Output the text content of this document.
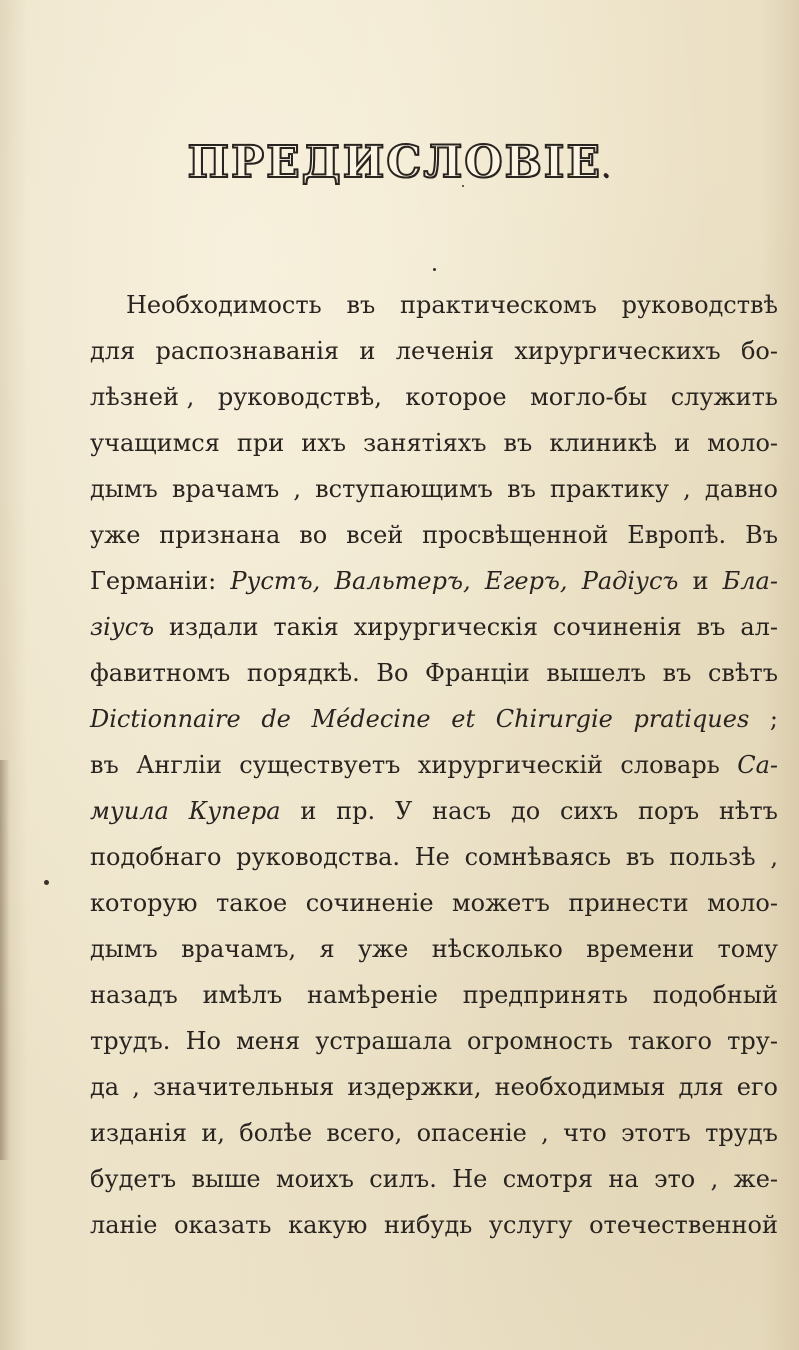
ПРЕДИСЛОВІЕ.
Необходимость въ практическомъ руководствѣ
для распознаванія и леченія хирургическихъ бо-
лѣзней , руководствѣ, которое могло-бы служить
учащимся при ихъ занятіяхъ въ клиникѣ и моло-
дымъ врачамъ , вступающимъ въ практику , давно
уже признана во всей просвѣщенной Европѣ. Въ
Германіи: Рустъ, Вальтеръ, Егеръ, Радіусъ и Бла-
зіусъ издали такія хирургическія сочиненія въ ал-
фавитномъ порядкѣ. Во Франціи вышелъ въ свѣтъ
Dictionnaire de Médecine et Chirurgie pratiques ;
въ Англіи существуетъ хирургическій словарь Са-
муила Купера и пр. У насъ до сихъ поръ нѣтъ
подобнаго руководства. Не сомнѣваясь въ пользѣ ,
которую такое сочиненіе можетъ принести моло-
дымъ врачамъ, я уже нѣсколько времени тому
назадъ имѣлъ намѣреніе предпринять подобный
трудъ. Но меня устрашала огромность такого тру-
да , значительныя издержки, необходимыя для его
изданія и, болѣе всего, опасеніе , что этотъ трудъ
будетъ выше моихъ силъ. Не смотря на это , же-
ланіе оказать какую нибудь услугу отечественной
